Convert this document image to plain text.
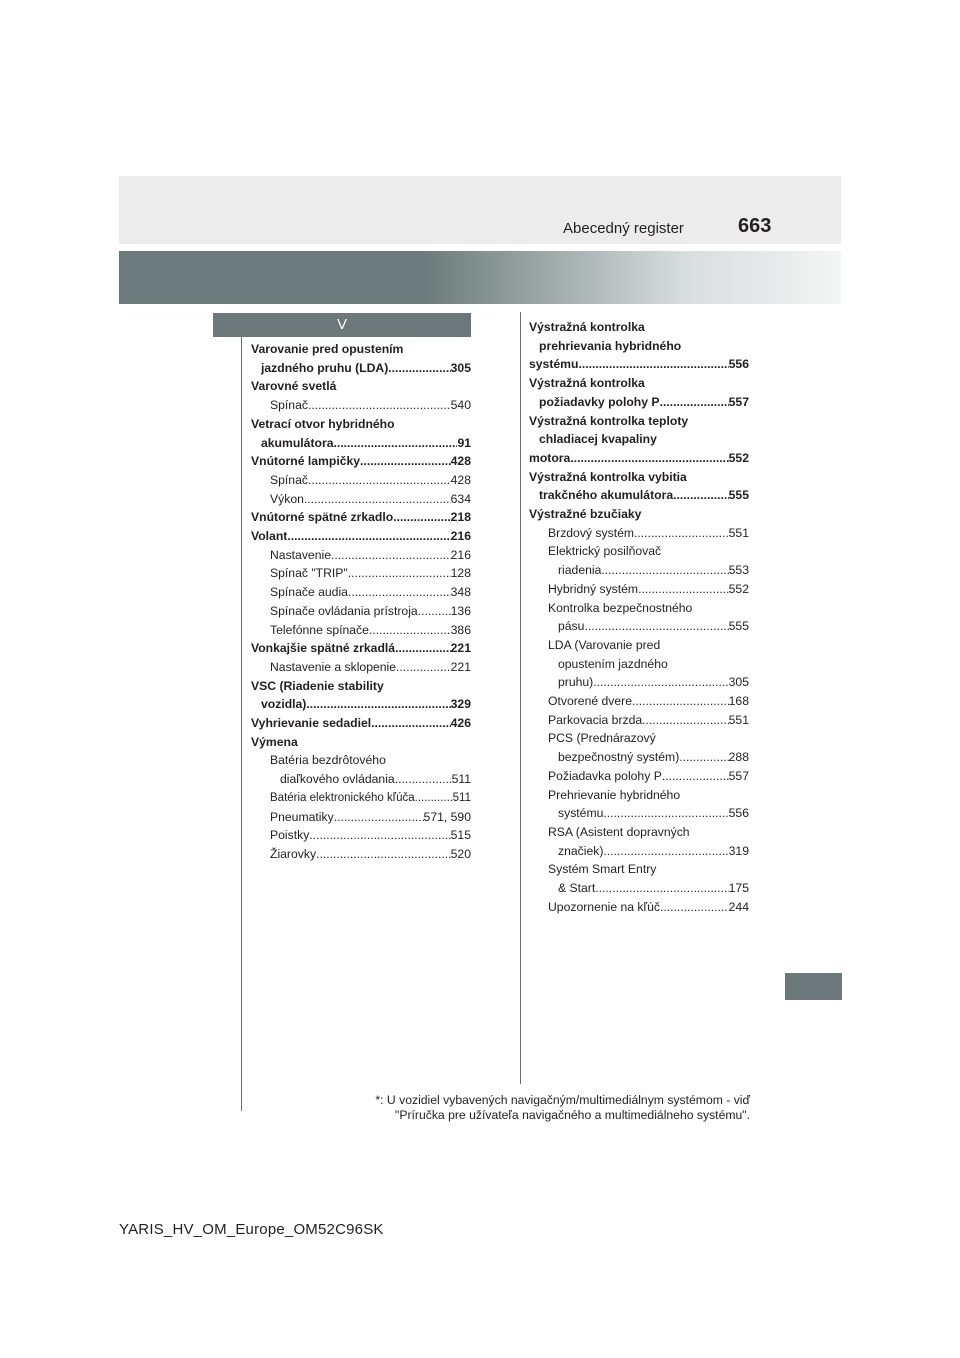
Abecedný register	663
V
Varovanie pred opustením
jazdného pruhu (LDA) .....	305
Varovné svetlá
Spínač .....	540
Vetrací otvor hybridného
akumulátora .....	91
Vnútorné lampičky .....	428
Spínač .....	428
Výkon .....	634
Vnútorné spätné zrkadlo .....	218
Volant .....	216
Nastavenie .....	216
Spínač "TRIP" .....	128
Spínače audia .....	348
Spínače ovládania prístroja .....	136
Telefónne spínače .....	386
Vonkajšie spätné zrkadlá .....	221
Nastavenie a sklopenie .....	221
VSC (Riadenie stability
vozidla) .....	329
Vyhrievanie sedadiel .....	426
Výmena
Batéria bezdrôtového
diaľkového ovládania .....	511
Batéria elektronického kľúča .....	511
Pneumatiky .....	571, 590
Poistky .....	515
Žiarovky .....	520
Výstražná kontrolka
prehrievania hybridného
systému .....	556
Výstražná kontrolka
požiadavky polohy P .....	557
Výstražná kontrolka teploty
chladiacej kvapaliny
motora .....	552
Výstražná kontrolka vybitia
trakčného akumulátora .....	555
Výstražné bzučiaky
Brzdový systém .....	551
Elektrický posilňovač
riadenia .....	553
Hybridný systém .....	552
Kontrolka bezpečnostného
pásu .....	555
LDA (Varovanie pred
opustením jazdného
pruhu) .....	305
Otvorené dvere .....	168
Parkovacia brzda .....	551
PCS (Prednárazový
bezpečnostný systém) .....	288
Požiadavka polohy P .....	557
Prehrievanie hybridného
systému .....	556
RSA (Asistent dopravných
značiek) .....	319
Systém Smart Entry
& Start .....	175
Upozornenie na kľúč .....	244
*: U vozidiel vybavených navigačným/multimediálnym systémom - viď
"Príručka pre užívateľa navigačného a multimediálneho systému".
YARIS_HV_OM_Europe_OM52C96SK
